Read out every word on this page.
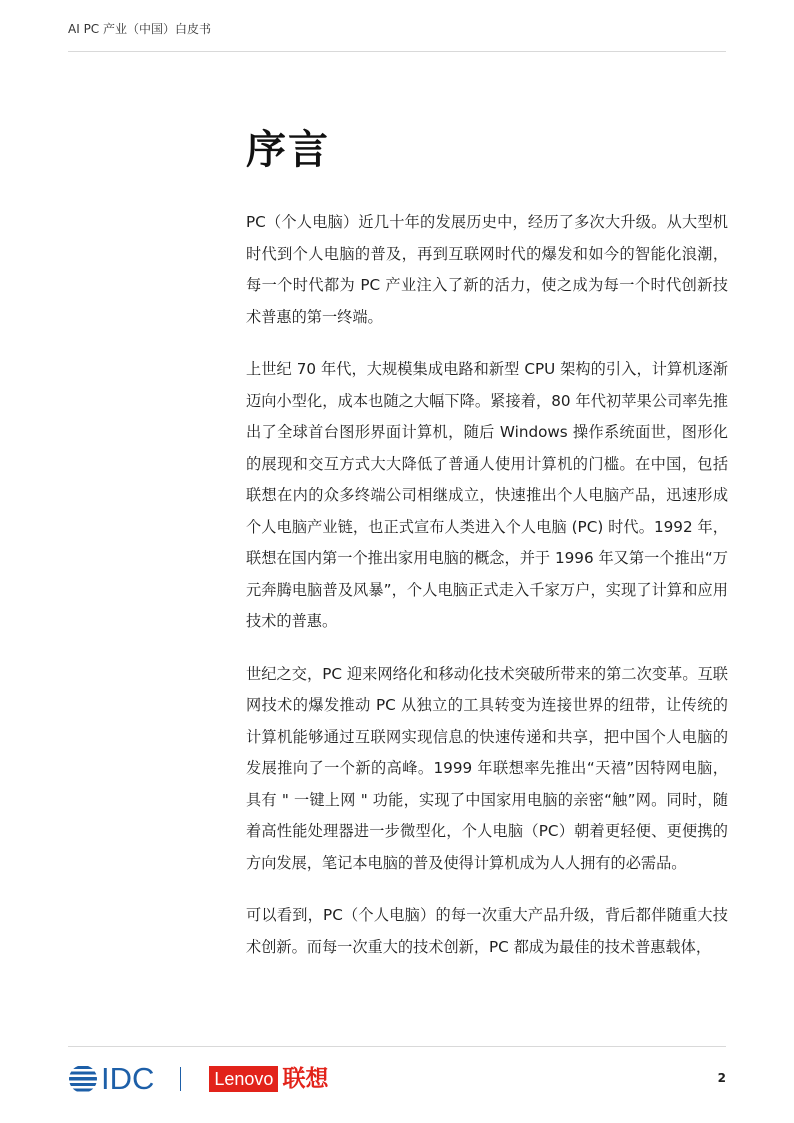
AI PC 产业（中国）白皮书
序言

PC（个人电脑）近几十年的发展历史中，经历了多次大升级。从大型机时代到个人电脑的普及，再到互联网时代的爆发和如今的智能化浪潮，每一个时代都为 PC 产业注入了新的活力，使之成为每一个时代创新技术普惠的第一终端。

上世纪 70 年代，大规模集成电路和新型 CPU 架构的引入，计算机逐渐迈向小型化，成本也随之大幅下降。紧接着，80 年代初苹果公司率先推出了全球首台图形界面计算机，随后 Windows 操作系统面世，图形化的展现和交互方式大大降低了普通人使用计算机的门槛。在中国，包括联想在内的众多终端公司相继成立，快速推出个人电脑产品，迅速形成个人电脑产业链，也正式宣布人类进入个人电脑 (PC) 时代。1992 年，联想在国内第一个推出家用电脑的概念，并于 1996 年又第一个推出“万元奔腾电脑普及风暴”，个人电脑正式走入千家万户，实现了计算和应用技术的普惠。

世纪之交，PC 迎来网络化和移动化技术突破所带来的第二次变革。互联网技术的爆发推动 PC 从独立的工具转变为连接世界的纽带，让传统的计算机能够通过互联网实现信息的快速传递和共享，把中国个人电脑的发展推向了一个新的高峰。1999 年联想率先推出“天禧”因特网电脑， 具有 " 一键上网 " 功能，实现了中国家用电脑的亲密“触”网。同时，随着高性能处理器进一步微型化，个人电脑（PC）朝着更轻便、更便携的方向发展，笔记本电脑的普及使得计算机成为人人拥有的必需品。

可以看到，PC（个人电脑）的每一次重大产品升级，背后都伴随重大技术创新。而每一次重大的技术创新，PC 都成为最佳的技术普惠载体，

IDC	Lenovo 联想	2
